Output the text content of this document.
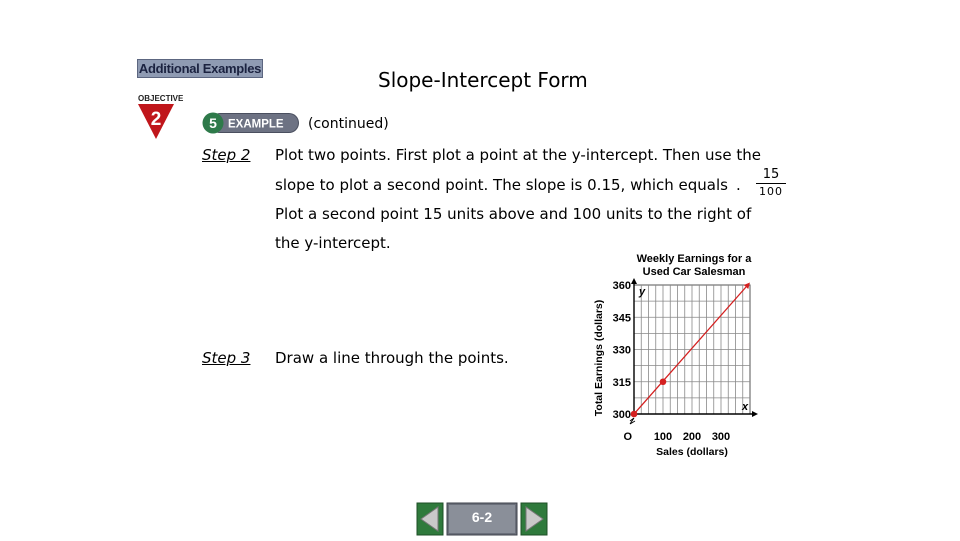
Additional Examples	Slope-Intercept Form
OBJECTIVE
2	5 EXAMPLE (continued)
Step 2 Plot two points. First plot a point at the y-intercept. Then use the
slope to plot a second point. The slope is 0.15, which equals .
15
100
Plot a second point 15 units above and 100 units to the right of
the y-intercept.
Step 3 Draw a line through the points.
Weekly Earnings for a
Used Car Salesman
Total Earnings (dollars)
Sales (dollars)
300
315
330
345
360
100 200 300
O
y
x
6-2
